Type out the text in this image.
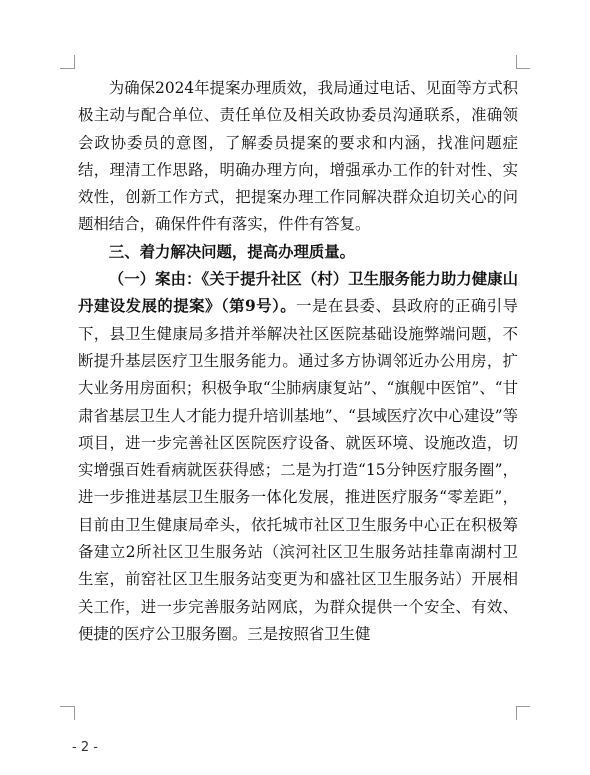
为确保2024年提案办理质效，我局通过电话、见面等方式积极主动与配合单位、责任单位及相关政协委员沟通联系，准确领会政协委员的意图，了解委员提案的要求和内涵，找准问题症结，理清工作思路，明确办理方向，增强承办工作的针对性、实效性，创新工作方式，把提案办理工作同解决群众迫切关心的问题相结合，确保件件有落实，件件有答复。

三、着力解决问题，提高办理质量。

（一）案由：《关于提升社区（村）卫生服务能力助力健康山丹建设发展的提案》（第9号）。一是在县委、县政府的正确引导下，县卫生健康局多措并举解决社区医院基础设施弊端问题，不断提升基层医疗卫生服务能力。通过多方协调邻近办公用房，扩大业务用房面积；积极争取“尘肺病康复站”、“旗舰中医馆”、“甘肃省基层卫生人才能力提升培训基地”、“县域医疗次中心建设”等项目，进一步完善社区医院医疗设备、就医环境、设施改造，切实增强百姓看病就医获得感；二是为打造“15分钟医疗服务圈”，进一步推进基层卫生服务一体化发展，推进医疗服务“零差距”，目前由卫生健康局牵头，依托城市社区卫生服务中心正在积极筹备建立2所社区卫生服务站（滨河社区卫生服务站挂靠南湖村卫生室，前窑社区卫生服务站变更为和盛社区卫生服务站）开展相关工作，进一步完善服务站网底，为群众提供一个安全、有效、便捷的医疗公卫服务圈。三是按照省卫生健

- 2 -
